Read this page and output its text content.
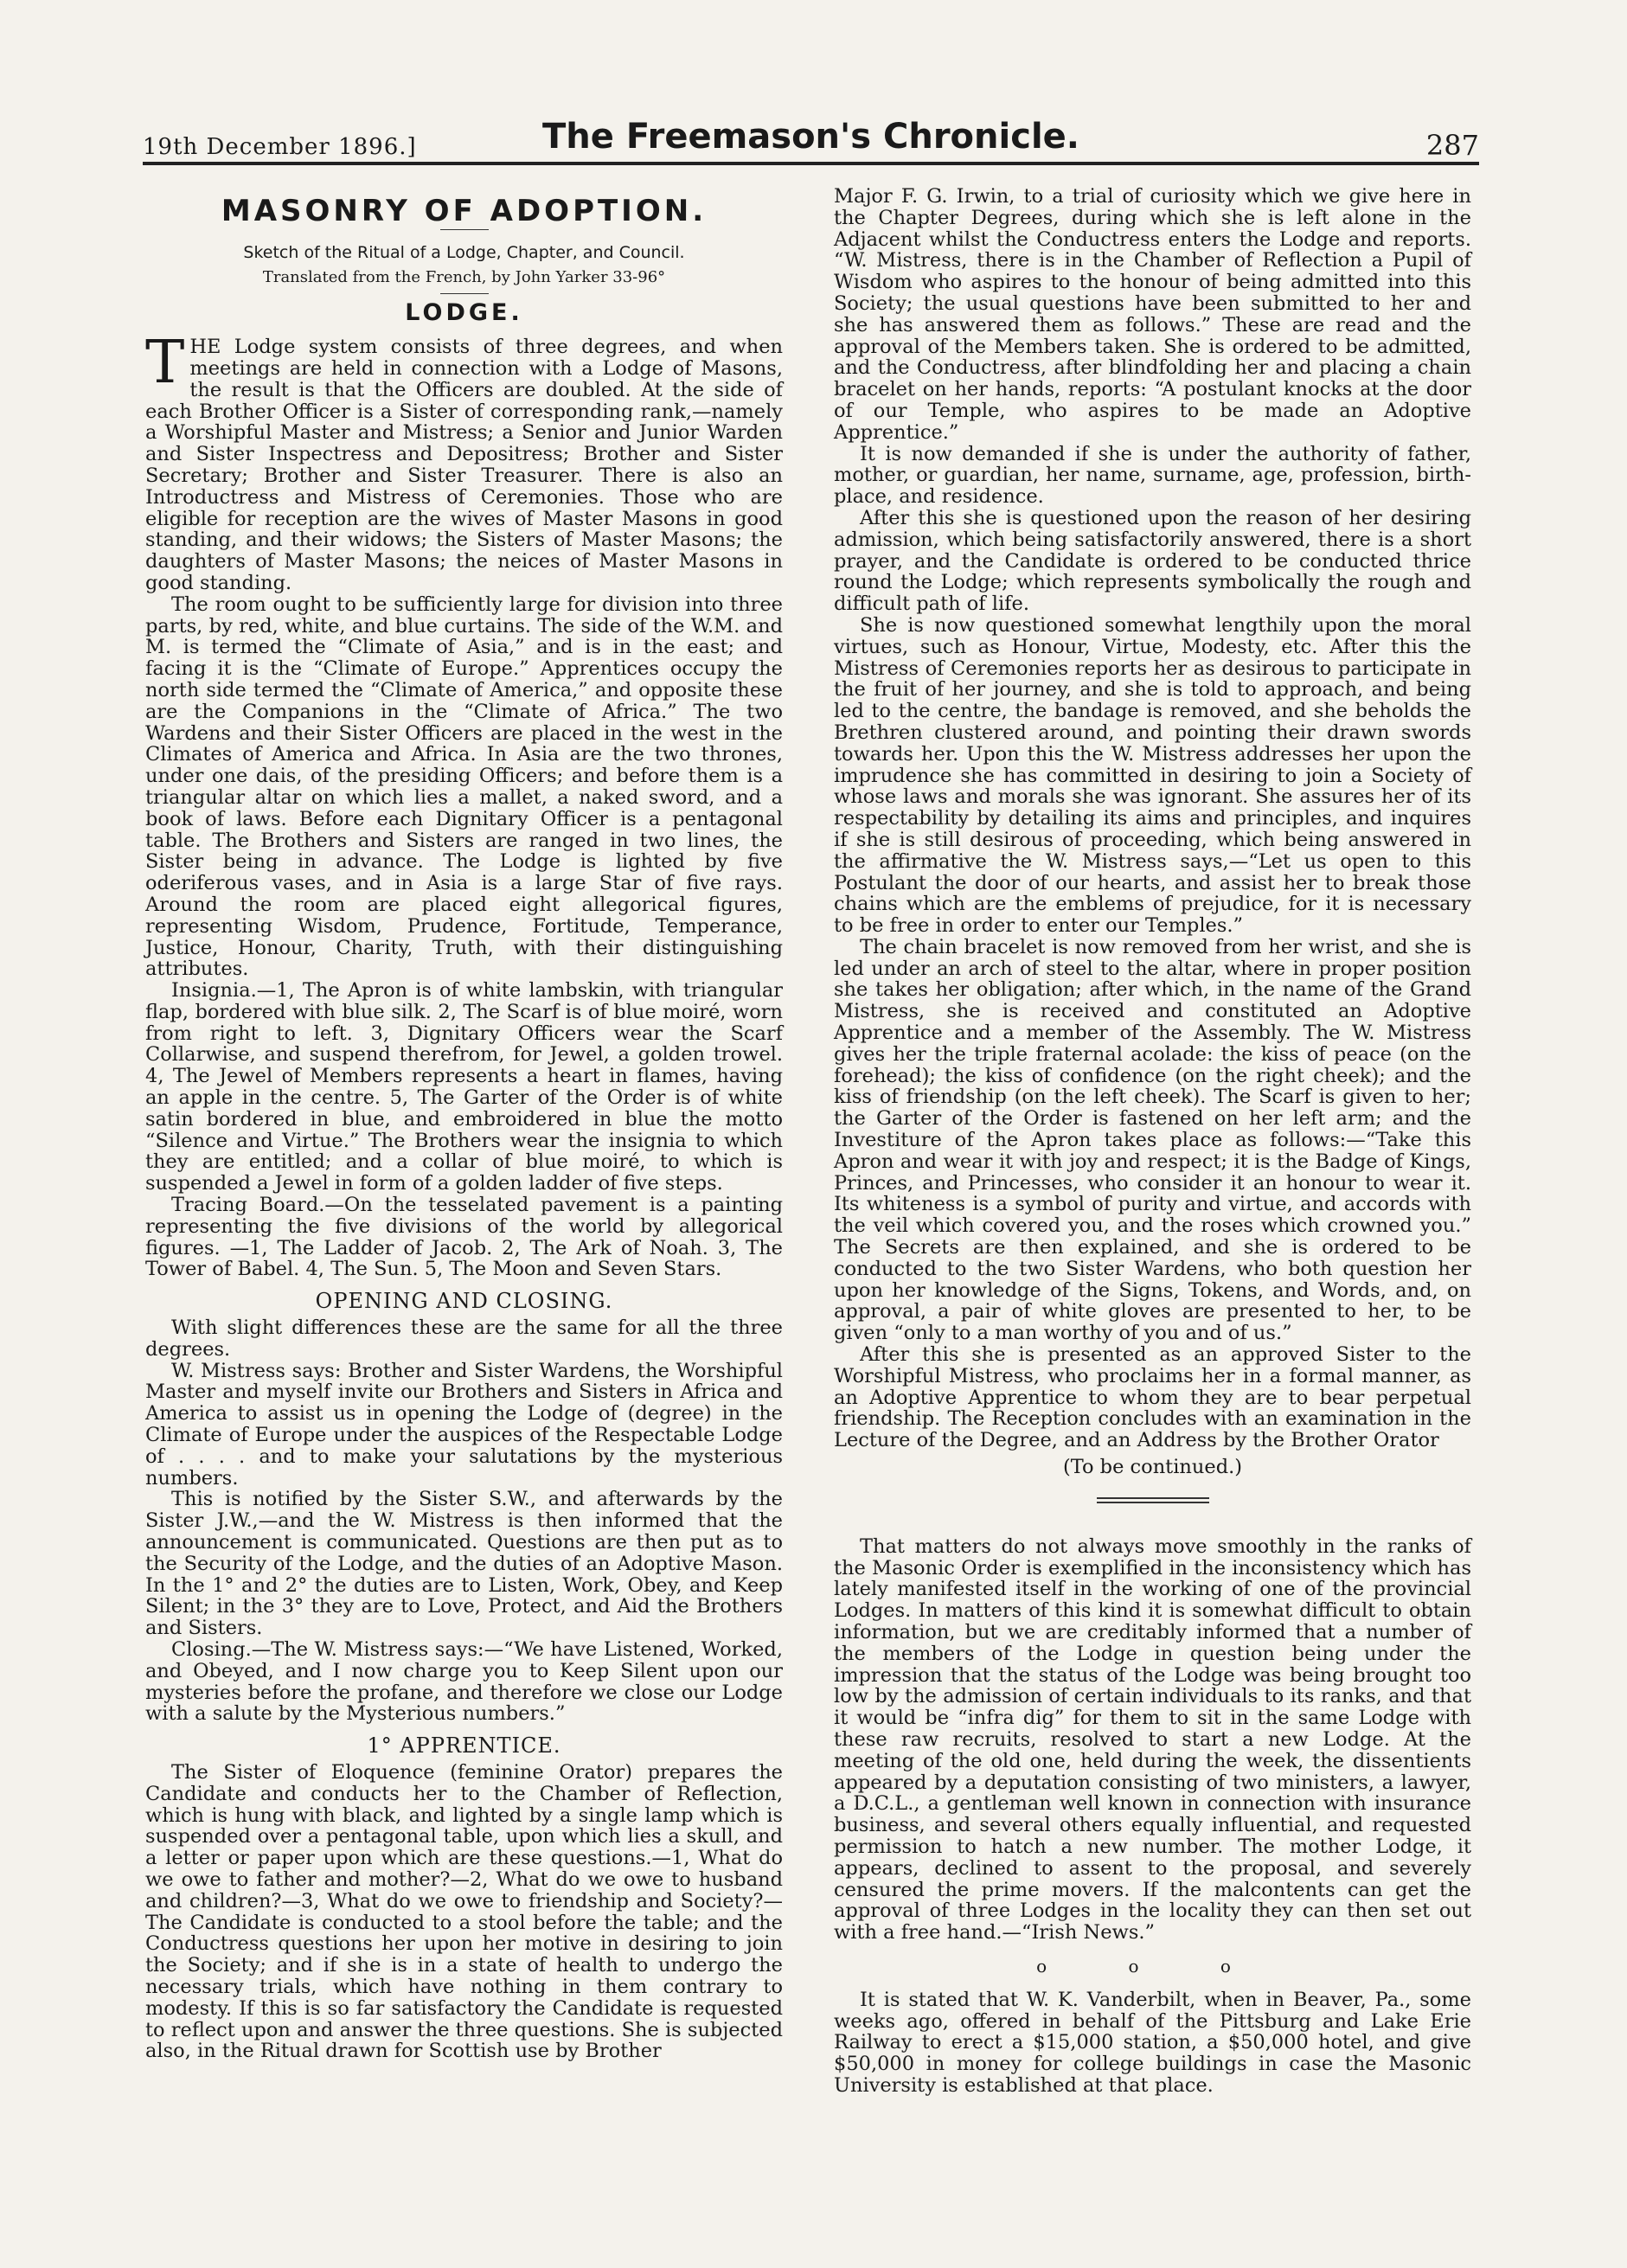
19th December 1896.]	The Freemason's Chronicle.	287
MASONRY OF ADOPTION.
Sketch of the Ritual of a Lodge, Chapter, and Council.
Translated from the French, by John Yarker 33-96°
LODGE.

THE Lodge system consists of three degrees, and when meetings are held in connection with a Lodge of Masons, the result is that the Officers are doubled. At the side of each Brother Officer is a Sister of corresponding rank,—namely a Worshipful Master and Mistress; a Senior and Junior Warden and Sister Inspectress and Depositress; Brother and Sister Secretary; Brother and Sister Treasurer. There is also an Introductress and Mistress of Ceremonies. Those who are eligible for reception are the wives of Master Masons in good standing, and their widows; the Sisters of Master Masons; the daughters of Master Masons; the neices of Master Masons in good standing.

The room ought to be sufficiently large for division into three parts, by red, white, and blue curtains. The side of the W.M. and M. is termed the “Climate of Asia,” and is in the east; and facing it is the “Climate of Europe.” Apprentices occupy the north side termed the “Climate of America,” and opposite these are the Companions in the “Climate of Africa.” The two Wardens and their Sister Officers are placed in the west in the Climates of America and Africa. In Asia are the two thrones, under one dais, of the presiding Officers; and before them is a triangular altar on which lies a mallet, a naked sword, and a book of laws. Before each Dignitary Officer is a pentagonal table. The Brothers and Sisters are ranged in two lines, the Sister being in advance. The Lodge is lighted by five oderiferous vases, and in Asia is a large Star of five rays. Around the room are placed eight allegorical figures, representing Wisdom, Prudence, Fortitude, Temperance, Justice, Honour, Charity, Truth, with their distinguishing attributes.

Insignia.—1, The Apron is of white lambskin, with triangular flap, bordered with blue silk. 2, The Scarf is of blue moiré, worn from right to left. 3, Dignitary Officers wear the Scarf Collarwise, and suspend therefrom, for Jewel, a golden trowel. 4, The Jewel of Members represents a heart in flames, having an apple in the centre. 5, The Garter of the Order is of white satin bordered in blue, and embroidered in blue the motto “Silence and Virtue.” The Brothers wear the insignia to which they are entitled; and a collar of blue moiré, to which is suspended a Jewel in form of a golden ladder of five steps.

Tracing Board.—On the tesselated pavement is a painting representing the five divisions of the world by allegorical figures. —1, The Ladder of Jacob. 2, The Ark of Noah. 3, The Tower of Babel. 4, The Sun. 5, The Moon and Seven Stars.

OPENING AND CLOSING.

With slight differences these are the same for all the three degrees.

W. Mistress says: Brother and Sister Wardens, the Worshipful Master and myself invite our Brothers and Sisters in Africa and America to assist us in opening the Lodge of (degree) in the Climate of Europe under the auspices of the Respectable Lodge of . . . . and to make your salutations by the mysterious numbers.

This is notified by the Sister S.W., and afterwards by the Sister J.W.,—and the W. Mistress is then informed that the announcement is communicated. Questions are then put as to the Security of the Lodge, and the duties of an Adoptive Mason. In the 1° and 2° the duties are to Listen, Work, Obey, and Keep Silent; in the 3° they are to Love, Protect, and Aid the Brothers and Sisters.

Closing.—The W. Mistress says:—“We have Listened, Worked, and Obeyed, and I now charge you to Keep Silent upon our mysteries before the profane, and therefore we close our Lodge with a salute by the Mysterious numbers.”

1° APPRENTICE.

The Sister of Eloquence (feminine Orator) prepares the Candidate and conducts her to the Chamber of Reflection, which is hung with black, and lighted by a single lamp which is suspended over a pentagonal table, upon which lies a skull, and a letter or paper upon which are these questions.—1, What do we owe to father and mother?—2, What do we owe to husband and children?—3, What do we owe to friendship and Society?— The Candidate is conducted to a stool before the table; and the Conductress questions her upon her motive in desiring to join the Society; and if she is in a state of health to undergo the necessary trials, which have nothing in them contrary to modesty. If this is so far satisfactory the Candidate is requested to reflect upon and answer the three questions. She is subjected also, in the Ritual drawn for Scottish use by Brother

Major F. G. Irwin, to a trial of curiosity which we give here in the Chapter Degrees, during which she is left alone in the Adjacent whilst the Conductress enters the Lodge and reports. “W. Mistress, there is in the Chamber of Reflection a Pupil of Wisdom who aspires to the honour of being admitted into this Society; the usual questions have been submitted to her and she has answered them as follows.” These are read and the approval of the Members taken. She is ordered to be admitted, and the Conductress, after blindfolding her and placing a chain bracelet on her hands, reports: “A postulant knocks at the door of our Temple, who aspires to be made an Adoptive Apprentice.”

It is now demanded if she is under the authority of father, mother, or guardian, her name, surname, age, profession, birth-place, and residence.

After this she is questioned upon the reason of her desiring admission, which being satisfactorily answered, there is a short prayer, and the Candidate is ordered to be conducted thrice round the Lodge; which represents symbolically the rough and difficult path of life.

She is now questioned somewhat lengthily upon the moral virtues, such as Honour, Virtue, Modesty, etc. After this the Mistress of Ceremonies reports her as desirous to participate in the fruit of her journey, and she is told to approach, and being led to the centre, the bandage is removed, and she beholds the Brethren clustered around, and pointing their drawn swords towards her. Upon this the W. Mistress addresses her upon the imprudence she has committed in desiring to join a Society of whose laws and morals she was ignorant. She assures her of its respectability by detailing its aims and principles, and inquires if she is still desirous of proceeding, which being answered in the affirmative the W. Mistress says,—“Let us open to this Postulant the door of our hearts, and assist her to break those chains which are the emblems of prejudice, for it is necessary to be free in order to enter our Temples.”

The chain bracelet is now removed from her wrist, and she is led under an arch of steel to the altar, where in proper position she takes her obligation; after which, in the name of the Grand Mistress, she is received and constituted an Adoptive Apprentice and a member of the Assembly. The W. Mistress gives her the triple fraternal acolade: the kiss of peace (on the forehead); the kiss of confidence (on the right cheek); and the kiss of friendship (on the left cheek). The Scarf is given to her; the Garter of the Order is fastened on her left arm; and the Investiture of the Apron takes place as follows:—“Take this Apron and wear it with joy and respect; it is the Badge of Kings, Princes, and Princesses, who consider it an honour to wear it. Its whiteness is a symbol of purity and virtue, and accords with the veil which covered you, and the roses which crowned you.” The Secrets are then explained, and she is ordered to be conducted to the two Sister Wardens, who both question her upon her knowledge of the Signs, Tokens, and Words, and, on approval, a pair of white gloves are presented to her, to be given “only to a man worthy of you and of us.”

After this she is presented as an approved Sister to the Worshipful Mistress, who proclaims her in a formal manner, as an Adoptive Apprentice to whom they are to bear perpetual friendship. The Reception concludes with an examination in the Lecture of the Degree, and an Address by the Brother Orator

(To be continued.)

That matters do not always move smoothly in the ranks of the Masonic Order is exemplified in the inconsistency which has lately manifested itself in the working of one of the provincial Lodges. In matters of this kind it is somewhat difficult to obtain information, but we are creditably informed that a number of the members of the Lodge in question being under the impression that the status of the Lodge was being brought too low by the admission of certain individuals to its ranks, and that it would be “infra dig” for them to sit in the same Lodge with these raw recruits, resolved to start a new Lodge. At the meeting of the old one, held during the week, the dissentients appeared by a deputation consisting of two ministers, a lawyer, a D.C.L., a gentleman well known in connection with insurance business, and several others equally influential, and requested permission to hatch a new number. The mother Lodge, it appears, declined to assent to the proposal, and severely censured the prime movers. If the malcontents can get the approval of three Lodges in the locality they can then set out with a free hand.—“Irish News.”

o o o

It is stated that W. K. Vanderbilt, when in Beaver, Pa., some weeks ago, offered in behalf of the Pittsburg and Lake Erie Railway to erect a $15,000 station, a $50,000 hotel, and give $50,000 in money for college buildings in case the Masonic University is established at that place.
